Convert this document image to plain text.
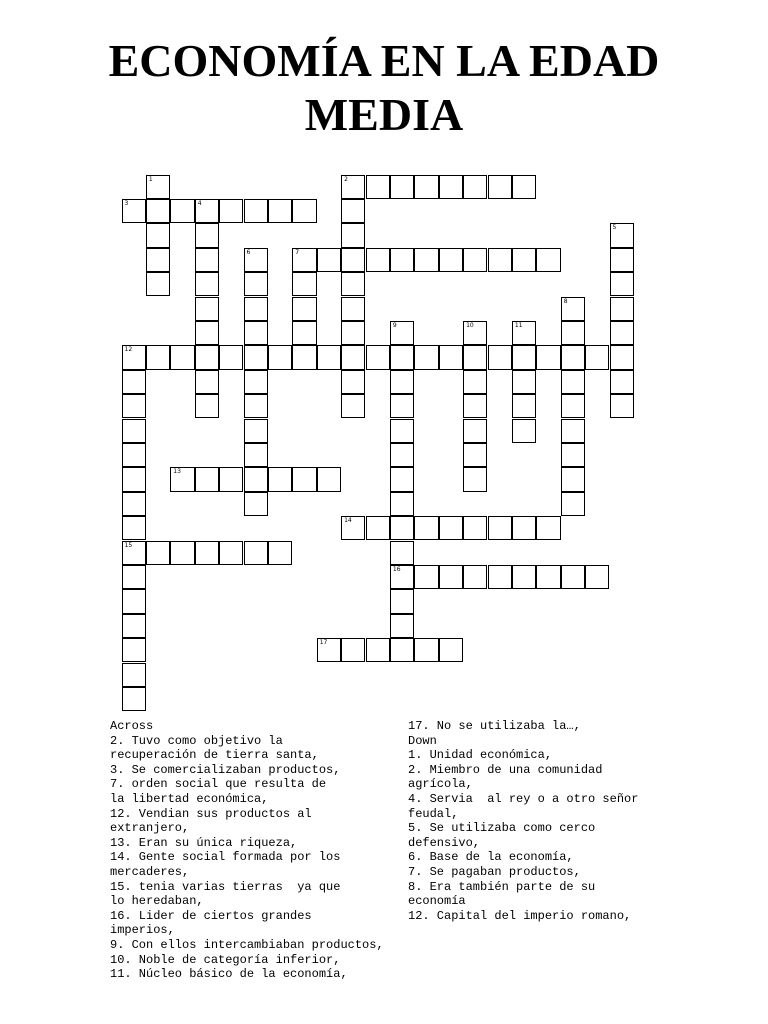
ECONOMÍA EN LA EDAD
MEDIA
1	2
3	4
5
6	7
8
9
16
10	11
12
15
13
14
17
Across
2. Tuvo como objetivo la
recuperación de tierra santa,
3. Se comercializaban productos,
7. orden social que resulta de
la libertad económica,
12. Vendian sus productos al
extranjero,
13. Eran su única riqueza,
14. Gente social formada por los
mercaderes,
15. tenia varias tierras  ya que
lo heredaban,
16. Lider de ciertos grandes
imperios,
9. Con ellos intercambiaban productos,
10. Noble de categoría inferior,
11. Núcleo básico de la economía,
17. No se utilizaba la…,
Down
1. Unidad económica,
2. Miembro de una comunidad
agrícola,
4. Servia  al rey o a otro señor
feudal,
5. Se utilizaba como cerco
defensivo,
6. Base de la economía,
7. Se pagaban productos,
8. Era también parte de su
economía
12. Capital del imperio romano,
